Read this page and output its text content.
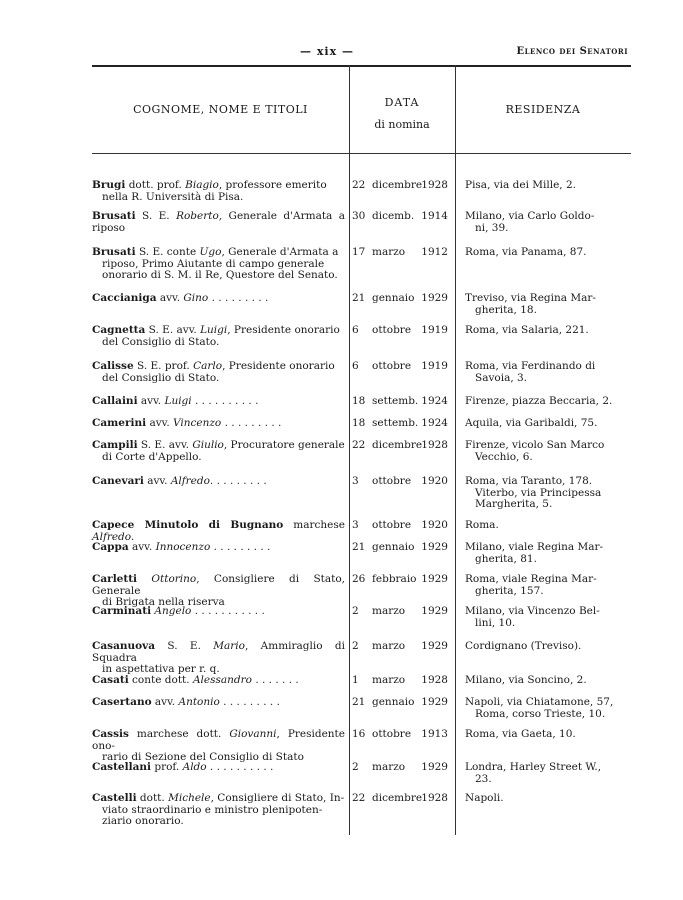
— xix —	Elenco dei Senatori
COGNOME, NOME E TITOLI
DATA
di nomina
RESIDENZA
Brugi dott. prof. Biagio, professore emerito
nella R. Università di Pisa.
22 dicembre 1928 Pisa, via dei Mille, 2.

Brusati S. E. Roberto, Generale d'Armata a riposo
30 dicemb. 1914 Milano, via Carlo Goldo-

ni, 39.
Brusati S. E. conte Ugo, Generale d'Armata a
riposo, Primo Aiutante di campo generale
onorario di S. M. il Re, Questore del Senato.
17 marzo 1912 Roma, via Panama, 87.

Caccianiga avv. Gino . . . . . . . . .	21 gennaio 1929 Treviso, via Regina Mar-

gherita, 18.
Cagnetta S. E. avv. Luigi, Presidente onorario
del Consiglio di Stato.
6 ottobre 1919 Roma, via Salaria, 221.

Calisse S. E. prof. Carlo, Presidente onorario
del Consiglio di Stato.
6 ottobre 1919 Roma, via Ferdinando di

Savoia, 3.
Callaini avv. Luigi . . . . . . . . . .	18 settemb. 1924 Firenze, piazza Beccaria, 2.

Camerini avv. Vincenzo . . . . . . . . .	18 settemb. 1924 Aquila, via Garibaldi, 75.

Campili S. E. avv. Giulio, Procuratore generale
di Corte d'Appello.
22 dicembre 1928 Firenze, vicolo San Marco

Vecchio, 6.
Canevari avv. Alfredo. . . . . . . . .	3 ottobre 1920 Roma, via Taranto, 178.

Viterbo, via Principessa
Margherita, 5.
Capece Minutolo di Bugnano marchese Alfredo.
3 ottobre 1920 Roma.

Cappa avv. Innocenzo . . . . . . . . .	21 gennaio 1929 Milano, viale Regina Mar-

gherita, 81.
Carletti Ottorino, Consigliere di Stato, Generale
di Brigata nella riserva
26 febbraio 1929 Roma, viale Regina Mar-

gherita, 157.
Carminati Angelo . . . . . . . . . . .	2 marzo 1929 Milano, via Vincenzo Bel-

lini, 10.
Casanuova S. E. Mario, Ammiraglio di Squadra
in aspettativa per r. q.
2 marzo 1929 Cordignano (Treviso).

Casati conte dott. Alessandro . . . . . . .	1 marzo 1928 Milano, via Soncino, 2.

Casertano avv. Antonio . . . . . . . . .	21 gennaio 1929 Napoli, via Chiatamone, 57,

Roma, corso Trieste, 10.
Cassis marchese dott. Giovanni, Presidente ono-
rario di Sezione del Consiglio di Stato
16 ottobre 1913 Roma, via Gaeta, 10.

Castellani prof. Aldo . . . . . . . . . .	2 marzo 1929 Londra, Harley Street W.,

23.
Castelli dott. Michele, Consigliere di Stato, In-
viato straordinario e ministro plenipoten-
ziario onorario.
22 dicembre 1928 Napoli.
